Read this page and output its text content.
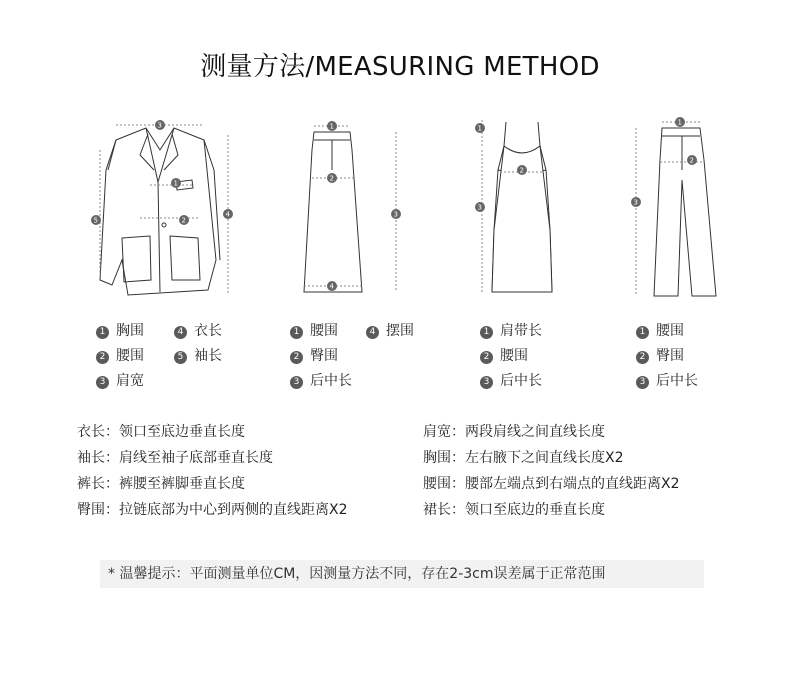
测量方法/MEASURING METHOD
3
1
2
4
5
1
2
3
4
1
2
3
1
2
3
1 胸围	4 衣长
2 腰围	5 袖长
3 肩宽
1 腰围	4 摆围
2 臀围
3 后中长
1 肩带长
2 腰围
3 后中长
1 腰围
2 臀围
3 后中长
衣长：领口至底边垂直长度
袖长：肩线至袖子底部垂直长度
裤长：裤腰至裤脚垂直长度
臀围：拉链底部为中心到两侧的直线距离X2
肩宽：两段肩线之间直线长度
胸围：左右腋下之间直线长度X2
腰围：腰部左端点到右端点的直线距离X2
裙长：领口至底边的垂直长度
* 温馨提示：平面测量单位CM，因测量方法不同，存在2-3cm误差属于正常范围
